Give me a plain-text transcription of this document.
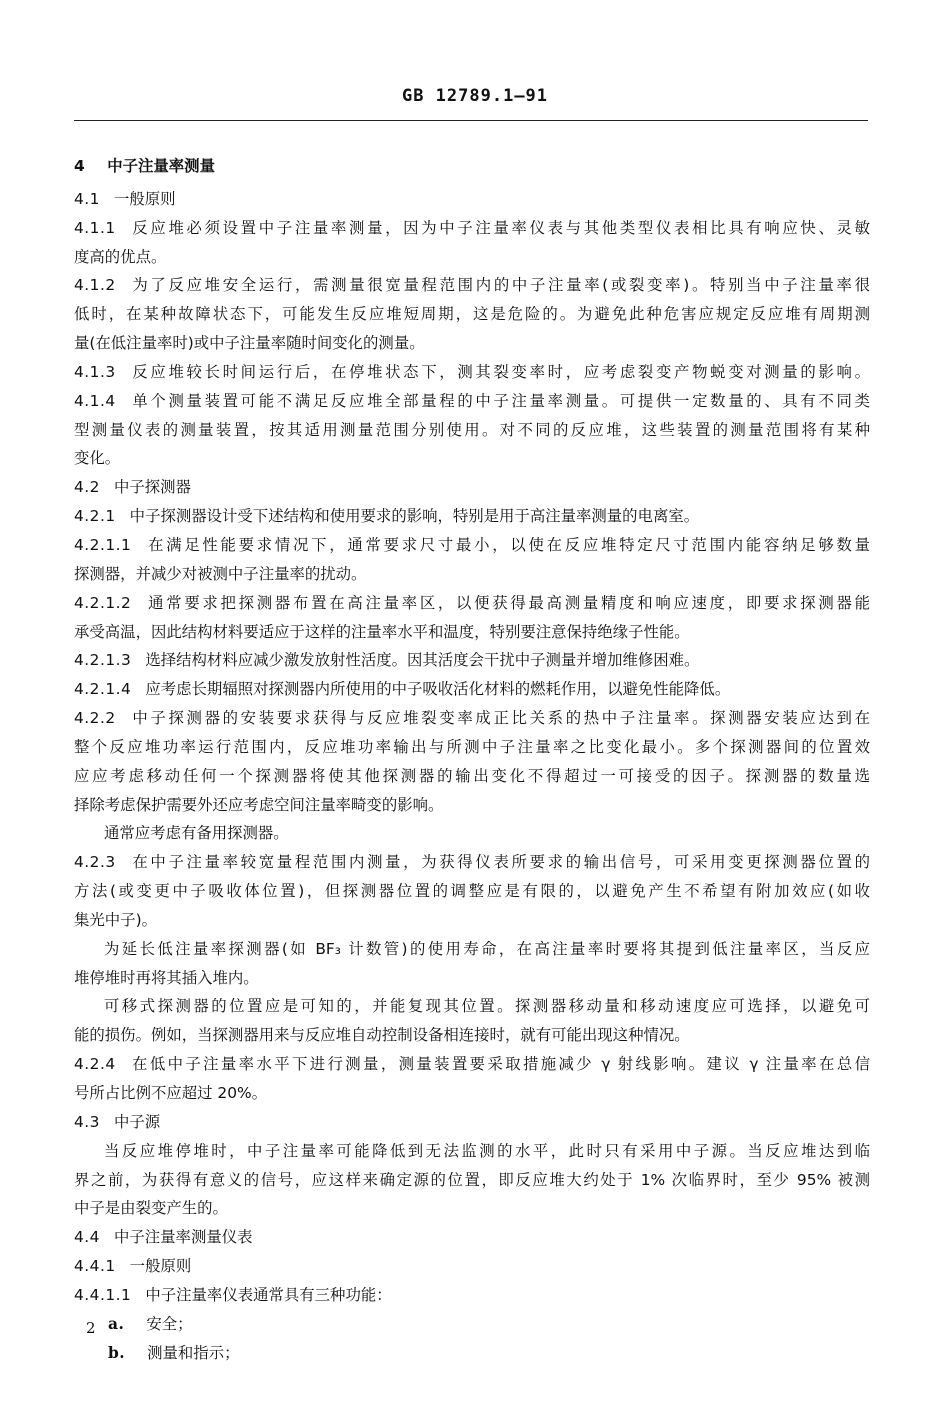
GB 12789.1—91
4 中子注量率测量
4.1 一般原则
4.1.1 反应堆必须设置中子注量率测量，因为中子注量率仪表与其他类型仪表相比具有响应快、灵敏
度高的优点。
4.1.2 为了反应堆安全运行，需测量很宽量程范围内的中子注量率(或裂变率)。特别当中子注量率很
低时，在某种故障状态下，可能发生反应堆短周期，这是危险的。为避免此种危害应规定反应堆有周期测
量(在低注量率时)或中子注量率随时间变化的测量。
4.1.3 反应堆较长时间运行后，在停堆状态下，测其裂变率时，应考虑裂变产物蜕变对测量的影响。
4.1.4 单个测量装置可能不满足反应堆全部量程的中子注量率测量。可提供一定数量的、具有不同类
型测量仪表的测量装置，按其适用测量范围分别使用。对不同的反应堆，这些装置的测量范围将有某种
变化。
4.2 中子探测器
4.2.1 中子探测器设计受下述结构和使用要求的影响，特别是用于高注量率测量的电离室。
4.2.1.1 在满足性能要求情况下，通常要求尺寸最小，以使在反应堆特定尺寸范围内能容纳足够数量
探测器，并减少对被测中子注量率的扰动。
4.2.1.2 通常要求把探测器布置在高注量率区，以便获得最高测量精度和响应速度，即要求探测器能
承受高温，因此结构材料要适应于这样的注量率水平和温度，特别要注意保持绝缘子性能。
4.2.1.3 选择结构材料应减少激发放射性活度。因其活度会干扰中子测量并增加维修困难。
4.2.1.4 应考虑长期辐照对探测器内所使用的中子吸收活化材料的燃耗作用，以避免性能降低。
4.2.2 中子探测器的安装要求获得与反应堆裂变率成正比关系的热中子注量率。探测器安装应达到在
整个反应堆功率运行范围内，反应堆功率输出与所测中子注量率之比变化最小。多个探测器间的位置效
应应考虑移动任何一个探测器将使其他探测器的输出变化不得超过一可接受的因子。探测器的数量选
择除考虑保护需要外还应考虑空间注量率畸变的影响。
通常应考虑有备用探测器。
4.2.3 在中子注量率较宽量程范围内测量，为获得仪表所要求的输出信号，可采用变更探测器位置的
方法(或变更中子吸收体位置)，但探测器位置的调整应是有限的，以避免产生不希望有附加效应(如收
集光中子)。
为延长低注量率探测器(如 BF₃ 计数管)的使用寿命，在高注量率时要将其提到低注量率区，当反应
堆停堆时再将其插入堆内。
可移式探测器的位置应是可知的，并能复现其位置。探测器移动量和移动速度应可选择，以避免可
能的损伤。例如，当探测器用来与反应堆自动控制设备相连接时，就有可能出现这种情况。
4.2.4 在低中子注量率水平下进行测量，测量装置要采取措施减少 γ 射线影响。建议 γ 注量率在总信
号所占比例不应超过 20%。
4.3 中子源
当反应堆停堆时，中子注量率可能降低到无法监测的水平，此时只有采用中子源。当反应堆达到临
界之前，为获得有意义的信号，应这样来确定源的位置，即反应堆大约处于 1% 次临界时，至少 95% 被测
中子是由裂变产生的。
4.4 中子注量率测量仪表
4.4.1 一般原则
4.4.1.1 中子注量率仪表通常具有三种功能：
a. 安全；
b. 测量和指示；
2
